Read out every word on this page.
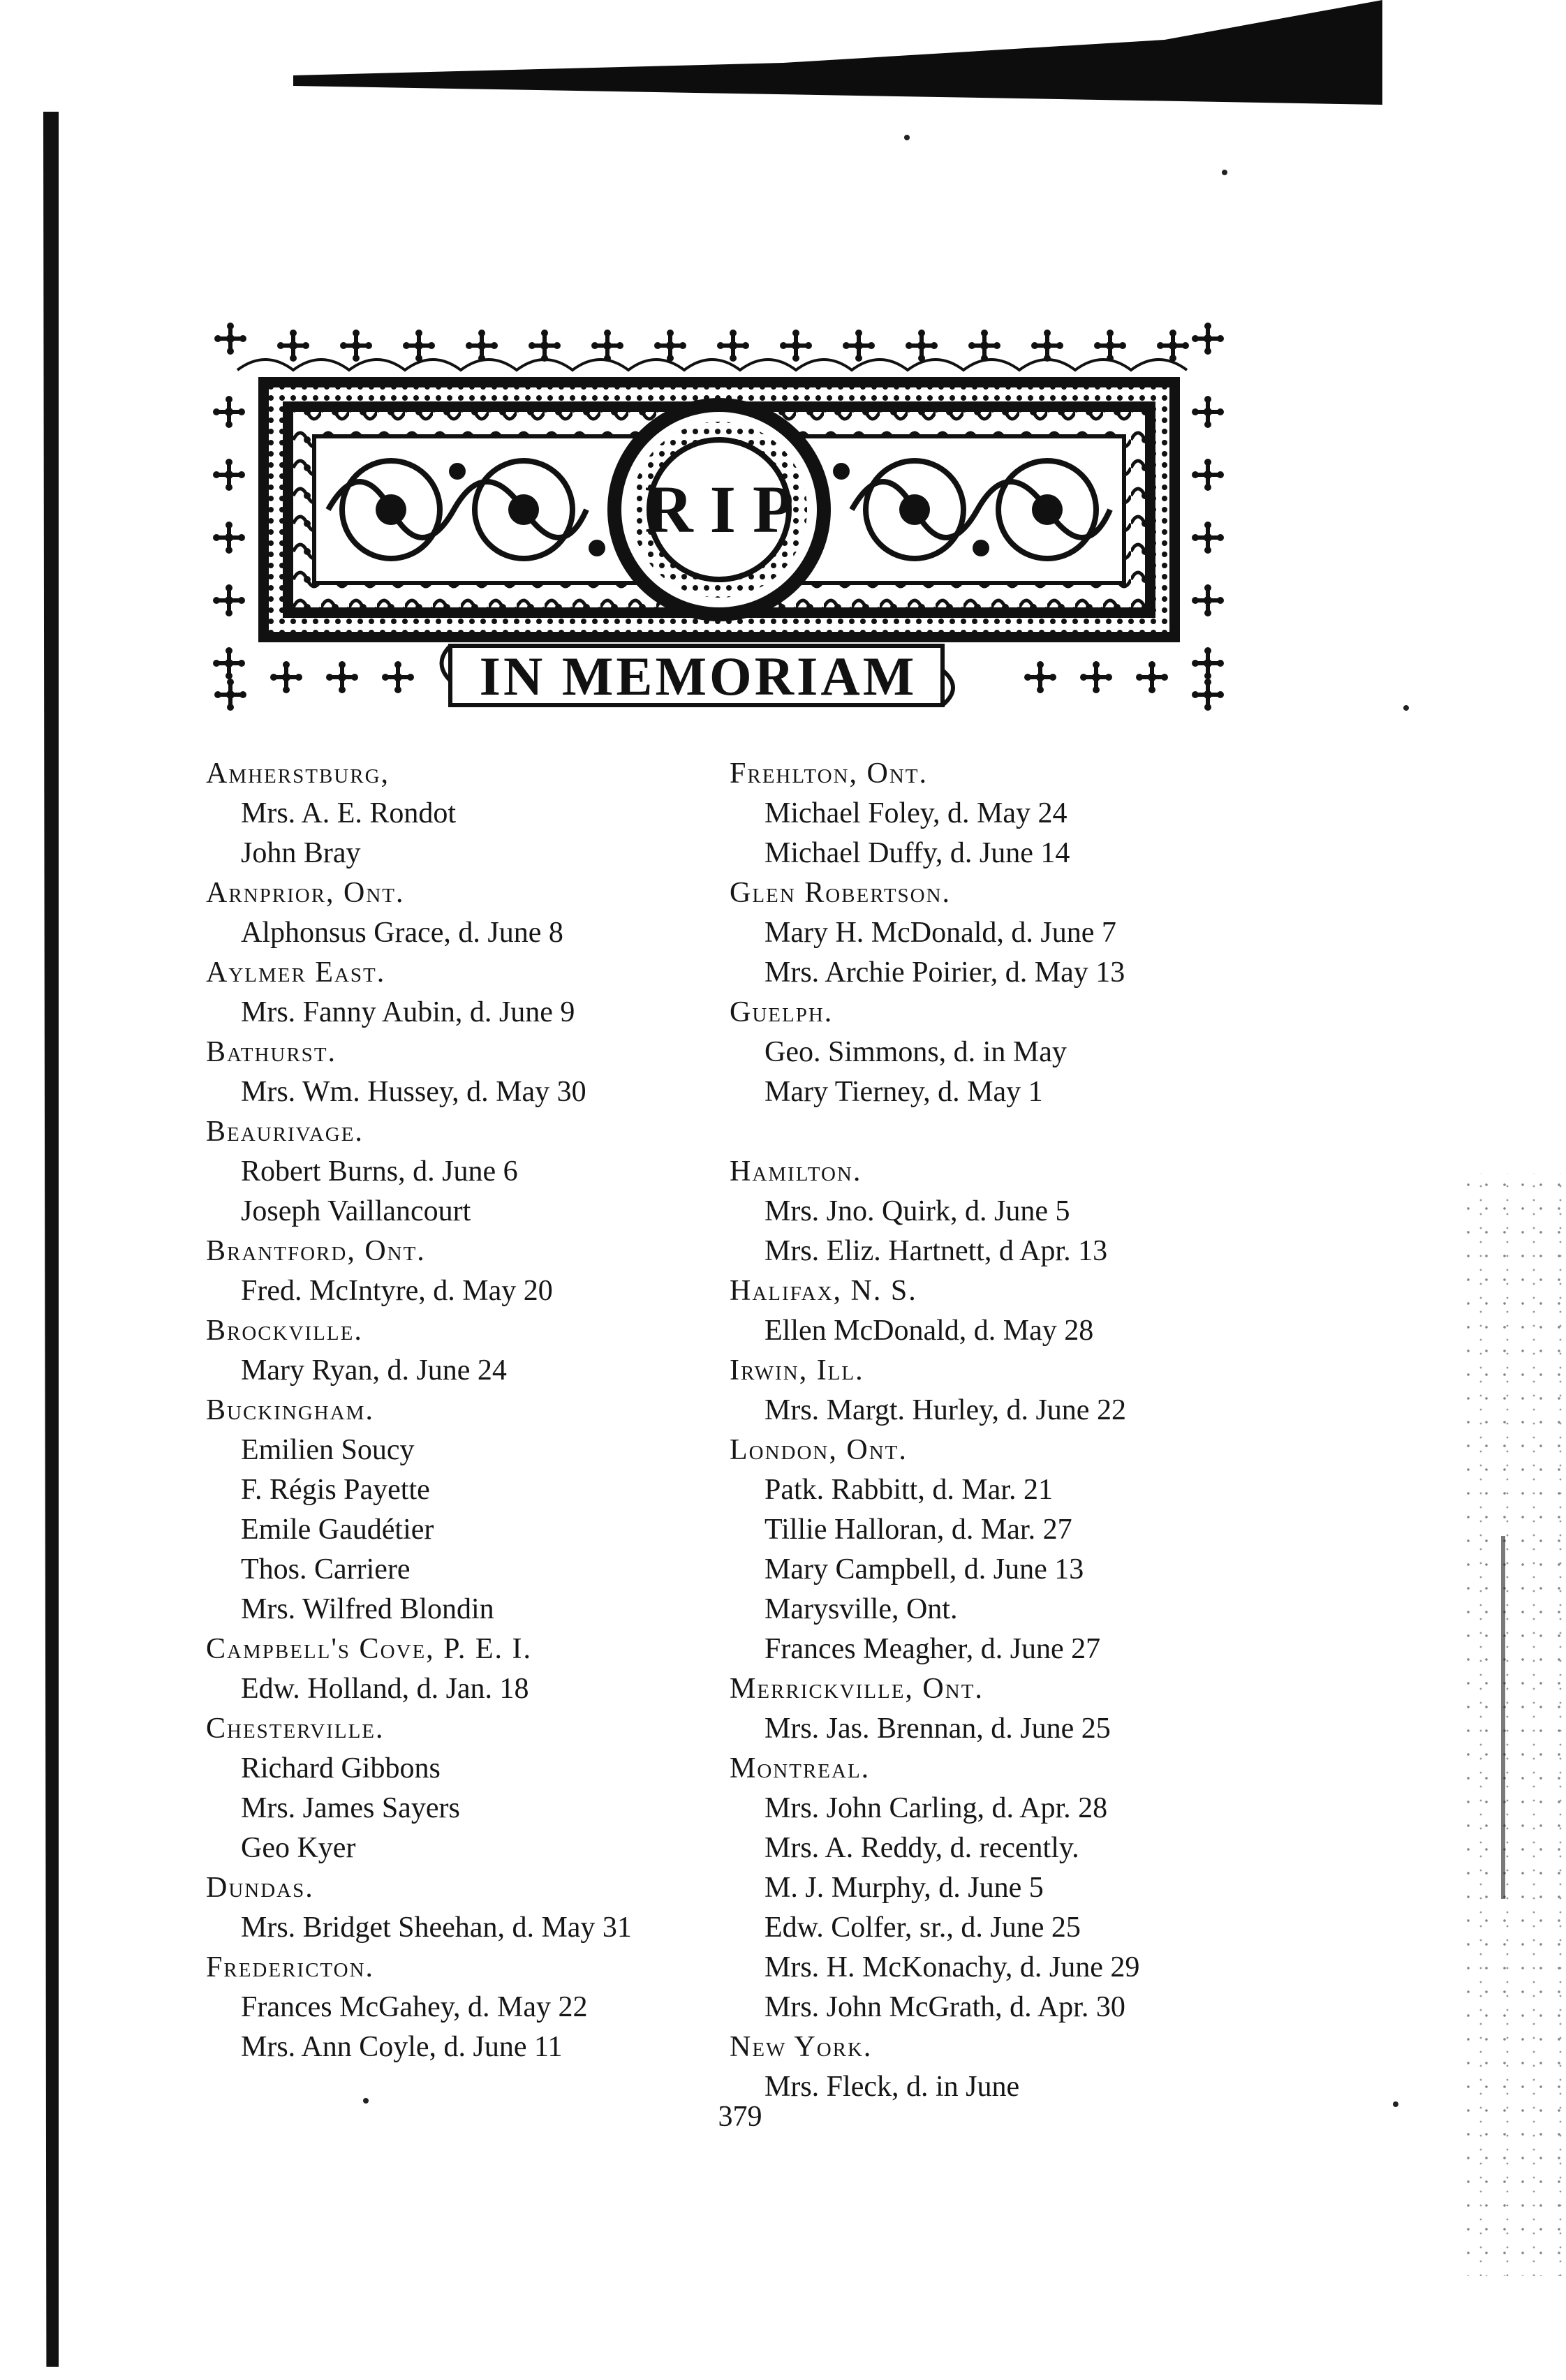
R I P
IN MEMORIAM
Amherstburg,
Mrs. A. E. Rondot
John Bray
Arnprior, Ont.
Alphonsus Grace, d. June 8
Aylmer East.
Mrs. Fanny Aubin, d. June 9
Bathurst.
Mrs. Wm. Hussey, d. May 30
Beaurivage.
Robert Burns, d. June 6
Joseph Vaillancourt
Brantford, Ont.
Fred. McIntyre, d. May 20
Brockville.
Mary Ryan, d. June 24
Buckingham.
Emilien Soucy
F. Régis Payette
Emile Gaudétier
Thos. Carriere
Mrs. Wilfred Blondin
Campbell's Cove, P. E. I.
Edw. Holland, d. Jan. 18
Chesterville.
Richard Gibbons
Mrs. James Sayers
Geo Kyer
Dundas.
Mrs. Bridget Sheehan, d. May 31
Fredericton.
Frances McGahey, d. May 22
Mrs. Ann Coyle, d. June 11
Frehlton, Ont.
Michael Foley, d. May 24
Michael Duffy, d. June 14
Glen Robertson.
Mary H. McDonald, d. June 7
Mrs. Archie Poirier, d. May 13
Guelph.
Geo. Simmons, d. in May
Mary Tierney, d. May 1
Hamilton.
Mrs. Jno. Quirk, d. June 5
Mrs. Eliz. Hartnett, d Apr. 13
Halifax, N. S.
Ellen McDonald, d. May 28
Irwin, Ill.
Mrs. Margt. Hurley, d. June 22
London, Ont.
Patk. Rabbitt, d. Mar. 21
Tillie Halloran, d. Mar. 27
Mary Campbell, d. June 13
Marysville, Ont.
Frances Meagher, d. June 27
Merrickville, Ont.
Mrs. Jas. Brennan, d. June 25
Montreal.
Mrs. John Carling, d. Apr. 28
Mrs. A. Reddy, d. recently.
M. J. Murphy, d. June 5
Edw. Colfer, sr., d. June 25
Mrs. H. McKonachy, d. June 29
Mrs. John McGrath, d. Apr. 30
New York.
Mrs. Fleck, d. in June
379
